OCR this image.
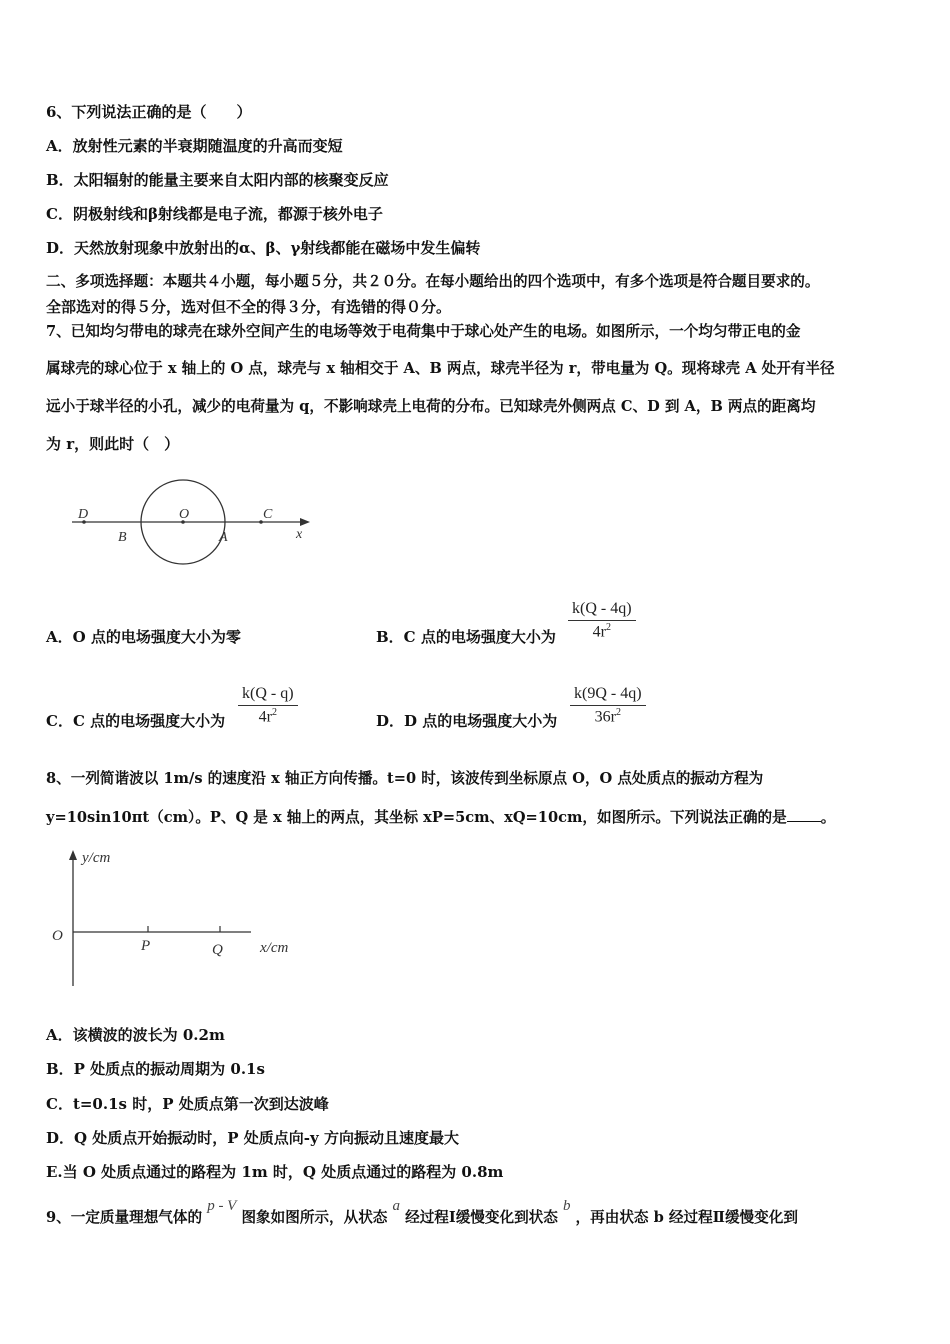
6、下列说法正确的是（　　）
A．放射性元素的半衰期随温度的升高而变短
B．太阳辐射的能量主要来自太阳内部的核聚变反应
C．阴极射线和β射线都是电子流，都源于核外电子
D．天然放射现象中放射出的α、β、γ射线都能在磁场中发生偏转
二、多项选择题：本题共４小题，每小题５分，共２０分。在每小题给出的四个选项中，有多个选项是符合题目要求的。
全部选对的得５分，选对但不全的得３分，有选错的得０分。
7、已知均匀带电的球壳在球外空间产生的电场等效于电荷集中于球心处产生的电场。如图所示，一个均匀带正电的金
属球壳的球心位于 x 轴上的 O 点，球壳与 x 轴相交于 A、B 两点，球壳半径为 r，带电量为 Q。现将球壳 A 处开有半径
远小于球半径的小孔，减少的电荷量为 q，不影响球壳上电荷的分布。已知球壳外侧两点 C、D 到 A，B 两点的距离均
为 r，则此时（　）
D
B
O
A
C
x
A．O 点的电场强度大小为零	B．C 点的电场强度大小为
k(Q - 4q)
$4r^2$
C．C 点的电场强度大小为
k(Q - q)
$4r^2$	D．D 点的电场强度大小为
k(9Q - 4q)
$36r^2$
8、一列简谐波以 1m/s 的速度沿 x 轴正方向传播。t=0 时，该波传到坐标原点 O，O 点处质点的振动方程为
y=10sin10πt（cm）。P、Q 是 x 轴上的两点，其坐标 xP=5cm、xQ=10cm，如图所示。下列说法正确的是 。
y/cm
O
P	Q x/cm
A．该横波的波长为 0.2m
B．P 处质点的振动周期为 0.1s
C．t=0.1s 时，P 处质点第一次到达波峰
D．Q 处质点开始振动时，P 处质点向-y 方向振动且速度最大
E.当 O 处质点通过的路程为 1m 时，Q 处质点通过的路程为 0.8m
9、一定质量理想气体的 p - V 图象如图所示，从状态 a 经过程Ⅰ缓慢变化到状态 b ，再由状态 b 经过程Ⅱ缓慢变化到
